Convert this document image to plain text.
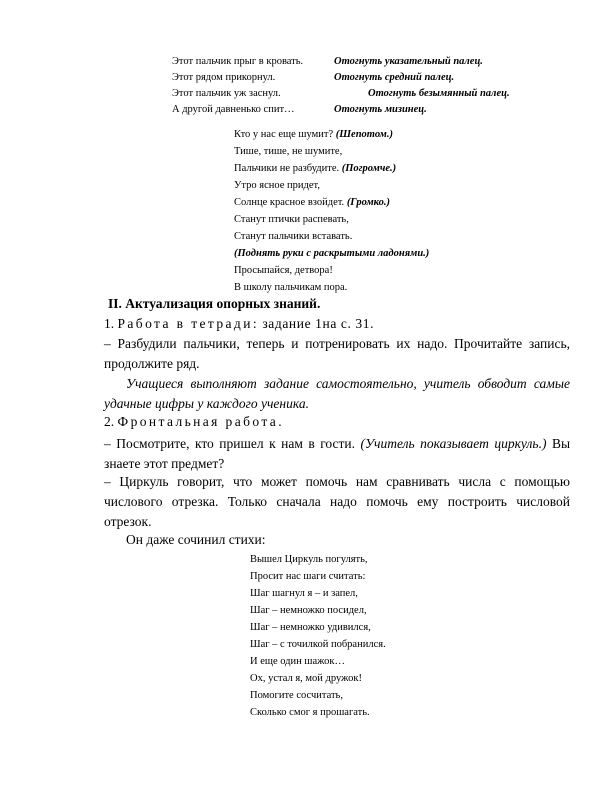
Этот пальчик прыг в кровать.	Отогнуть указательный палец.
Этот рядом прикорнул.	Отогнуть средний палец.
Этот пальчик уж заснул.	Отогнуть безымянный палец.
А другой давненько спит…	Отогнуть мизинец.
Кто у нас еще шумит? (Шепотом.)
Тише, тише, не шумите,
Пальчики не разбудите. (Погромче.)
Утро ясное придет,
Солнце красное взойдет. (Громко.)
Станут птички распевать,
Станут пальчики вставать.
(Поднять руки с раскрытыми ладонями.)
Просыпайся, детвора!
В школу пальчикам пора.
II. Актуализация опорных знаний.
1. Работа в тетради: задание 1на с. 31.
– Разбудили пальчики, теперь и потренировать их надо. Прочитайте запись, продолжите ряд.
Учащиеся выполняют задание самостоятельно, учитель обводит самые удачные цифры у каждого ученика.
2. Фронтальная работа.
– Посмотрите, кто пришел к нам в гости. (Учитель показывает циркуль.) Вы знаете этот предмет?
– Циркуль говорит, что может помочь нам сравнивать числа с помощью числового отрезка. Только сначала надо помочь ему построить числовой отрезок.
Он даже сочинил стихи:
Вышел Циркуль погулять,
Просит нас шаги считать:
Шаг шагнул я – и запел,
Шаг – немножко посидел,
Шаг – немножко удивился,
Шаг – с точилкой побранился.
И еще один шажок…
Ох, устал я, мой дружок!
Помогите сосчитать,
Сколько смог я прошагать.
